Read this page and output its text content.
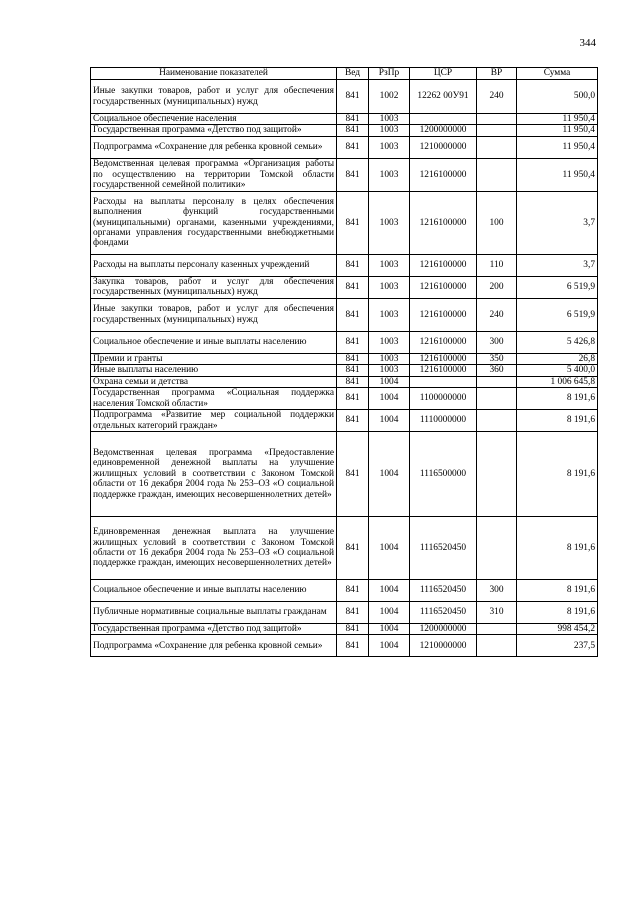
344
Наименование показателей	Вед	РзПр	ЦСР	ВР	Сумма
Иные закупки товаров, работ и услуг для обеспечения государственных (муниципальных) нужд	841	1002	12262 00У91	240	500,0
Социальное обеспечение населения	841	1003			11 950,4
Государственная программа «Детство под защитой»	841	1003	1200000000		11 950,4
Подпрограмма «Сохранение для ребенка кровной семьи»	841	1003	1210000000		11 950,4
Ведомственная целевая программа «Организация работы по осуществлению на территории Томской области государственной семейной политики»	841	1003	1216100000		11 950,4
Расходы на выплаты персоналу в целях обеспечения выполнения функций государственными (муниципальными) органами, казенными учреждениями, органами управления государственными внебюджетными фондами	841	1003	1216100000	100	3,7
Расходы на выплаты персоналу казенных учреждений	841	1003	1216100000	110	3,7
Закупка товаров, работ и услуг для обеспечения государственных (муниципальных) нужд	841	1003	1216100000	200	6 519,9
Иные закупки товаров, работ и услуг для обеспечения государственных (муниципальных) нужд	841	1003	1216100000	240	6 519,9
Социальное обеспечение и иные выплаты населению	841	1003	1216100000	300	5 426,8
Премии и гранты	841	1003	1216100000	350	26,8
Иные выплаты населению	841	1003	1216100000	360	5 400,0
Охрана семьи и детства	841	1004			1 006 645,8
Государственная программа «Социальная поддержка населения Томской области»	841	1004	1100000000		8 191,6
Подпрограмма «Развитие мер социальной поддержки отдельных категорий граждан»	841	1004	1110000000		8 191,6
Ведомственная целевая программа «Предоставление единовременной денежной выплаты на улучшение жилищных условий в соответствии с Законом Томской области от 16 декабря 2004 года № 253–ОЗ «О социальной поддержке граждан, имеющих несовершеннолетних детей»	841	1004	1116500000		8 191,6
Единовременная денежная выплата на улучшение жилищных условий в соответствии с Законом Томской области от 16 декабря 2004 года № 253–ОЗ «О социальной поддержке граждан, имеющих несовершеннолетних детей»	841	1004	1116520450		8 191,6
Социальное обеспечение и иные выплаты населению	841	1004	1116520450	300	8 191,6
Публичные нормативные социальные выплаты гражданам	841	1004	1116520450	310	8 191,6
Государственная программа «Детство под защитой»	841	1004	1200000000		998 454,2
Подпрограмма «Сохранение для ребенка кровной семьи»	841	1004	1210000000		237,5
